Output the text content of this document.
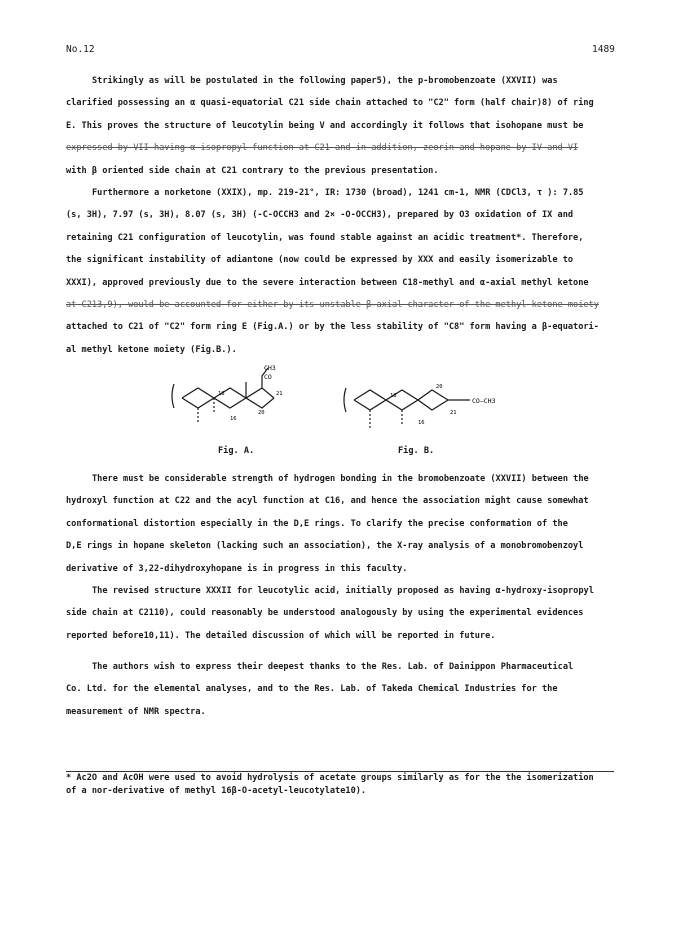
No.12	1489
Strikingly as will be postulated in the following paper5), the p-bromobenzoate (XXVII) was
clarified possessing an α quasi-equatorial C21 side chain attached to "C2" form (half chair)8) of ring
E. This proves the structure of leucotylin being V and accordingly it follows that isohopane must be
expressed by VII having α isopropyl function at C21 and in addition, zeorin and hopane by IV and VI
with β oriented side chain at C21 contrary to the previous presentation.
Furthermore a norketone (XXIX), mp. 219-21°, IR: 1730 (broad), 1241 cm-1, NMR (CDCl3, τ ): 7.85
(s, 3H), 7.97 (s, 3H), 8.07 (s, 3H) (-C-OCCH3 and 2× -O-OCCH3), prepared by O3 oxidation of IX and
retaining C21 configuration of leucotylin, was found stable against an acidic treatment*. Therefore,
the significant instability of adiantone (now could be expressed by XXX and easily isomerizable to
XXXI), approved previously due to the severe interaction between C18-methyl and α-axial methyl ketone
at C213,9), would be accounted for either by its unstable β-axial character of the methyl ketone moiety
attached to C21 of "C2" form ring E (Fig.A.) or by the less stability of "C8" form having a β-equatori-
al methyl ketone moiety (Fig.B.).
CH3
CO
18	21
16
20
Fig. A.
CO—CH3
18
21
16
20
Fig. B.
There must be considerable strength of hydrogen bonding in the bromobenzoate (XXVII) between the
hydroxyl function at C22 and the acyl function at C16, and hence the association might cause somewhat
conformational distortion especially in the D,E rings. To clarify the precise conformation of the
D,E rings in hopane skeleton (lacking such an association), the X-ray analysis of a monobromobenzoyl
derivative of 3,22-dihydroxyhopane is in progress in this faculty.
The revised structure XXXII for leucotylic acid, initially proposed as having α-hydroxy-isopropyl
side chain at C2110), could reasonably be understood analogously by using the experimental evidences
reported before10,11). The detailed discussion of which will be reported in future.
The authors wish to express their deepest thanks to the Res. Lab. of Dainippon Pharmaceutical
Co. Ltd. for the elemental analyses, and to the Res. Lab. of Takeda Chemical Industries for the
measurement of NMR spectra.
* Ac2O and AcOH were used to avoid hydrolysis of acetate groups similarly as for the the isomerization
of a nor-derivative of methyl 16β-O-acetyl-leucotylate10).
